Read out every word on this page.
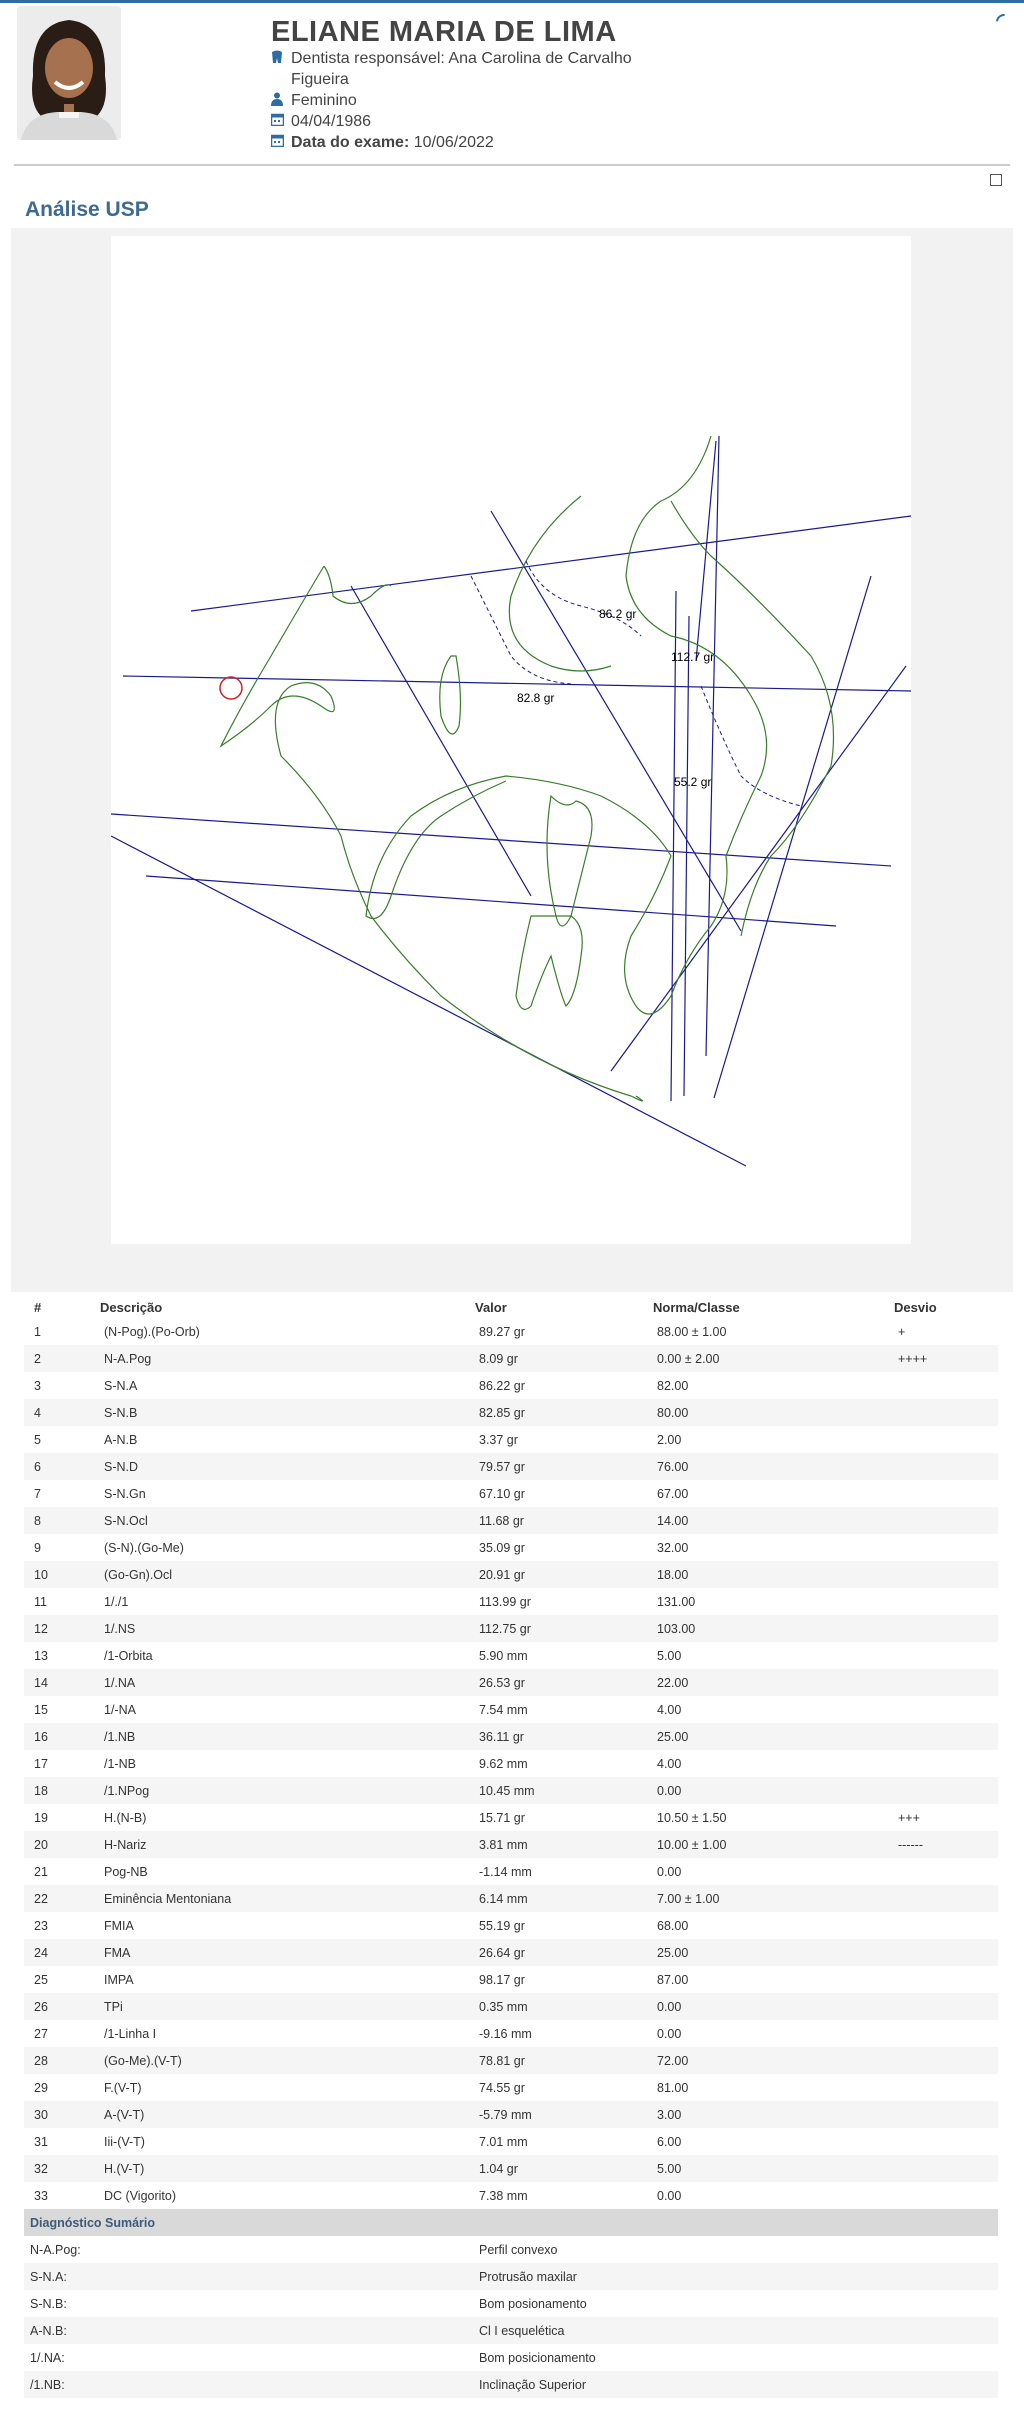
ELIANE MARIA DE LIMA
Dentista responsável: Ana Carolina de Carvalho
Figueira
Feminino
04/04/1986
Data do exame: 10/06/2022
Análise USP
86.2 gr
112.7 gr
82.8 gr
55.2 gr
#	Descrição	Valor	Norma/Classe	Desvio
1	(N-Pog).(Po-Orb)	89.27 gr	88.00 ± 1.00	+
2	N-A.Pog	8.09 gr	0.00 ± 2.00	++++
3	S-N.A	86.22 gr	82.00	
4	S-N.B	82.85 gr	80.00	
5	A-N.B	3.37 gr	2.00	
6	S-N.D	79.57 gr	76.00	
7	S-N.Gn	67.10 gr	67.00	
8	S-N.Ocl	11.68 gr	14.00	
9	(S-N).(Go-Me)	35.09 gr	32.00	
10	(Go-Gn).Ocl	20.91 gr	18.00	
11	1/./1	113.99 gr	131.00	
12	1/.NS	112.75 gr	103.00	
13	/1-Orbita	5.90 mm	5.00	
14	1/.NA	26.53 gr	22.00	
15	1/-NA	7.54 mm	4.00	
16	/1.NB	36.11 gr	25.00	
17	/1-NB	9.62 mm	4.00	
18	/1.NPog	10.45 mm	0.00	
19	H.(N-B)	15.71 gr	10.50 ± 1.50	+++
20	H-Nariz	3.81 mm	10.00 ± 1.00	------
21	Pog-NB	-1.14 mm	0.00	
22	Eminência Mentoniana	6.14 mm	7.00 ± 1.00	
23	FMIA	55.19 gr	68.00	
24	FMA	26.64 gr	25.00	
25	IMPA	98.17 gr	87.00	
26	TPi	0.35 mm	0.00	
27	/1-Linha I	-9.16 mm	0.00	
28	(Go-Me).(V-T)	78.81 gr	72.00	
29	F.(V-T)	74.55 gr	81.00	
30	A-(V-T)	-5.79 mm	3.00	
31	Iii-(V-T)	7.01 mm	6.00	
32	H.(V-T)	1.04 gr	5.00	
33	DC (Vigorito)	7.38 mm	0.00	
Diagnóstico Sumário				
N-A.Pog:		Perfil convexo		
S-N.A:		Protrusão maxilar		
S-N.B:		Bom posionamento		
A-N.B:		Cl I esquelética		
1/.NA:		Bom posicionamento		
/1.NB:		Inclinação Superior		
